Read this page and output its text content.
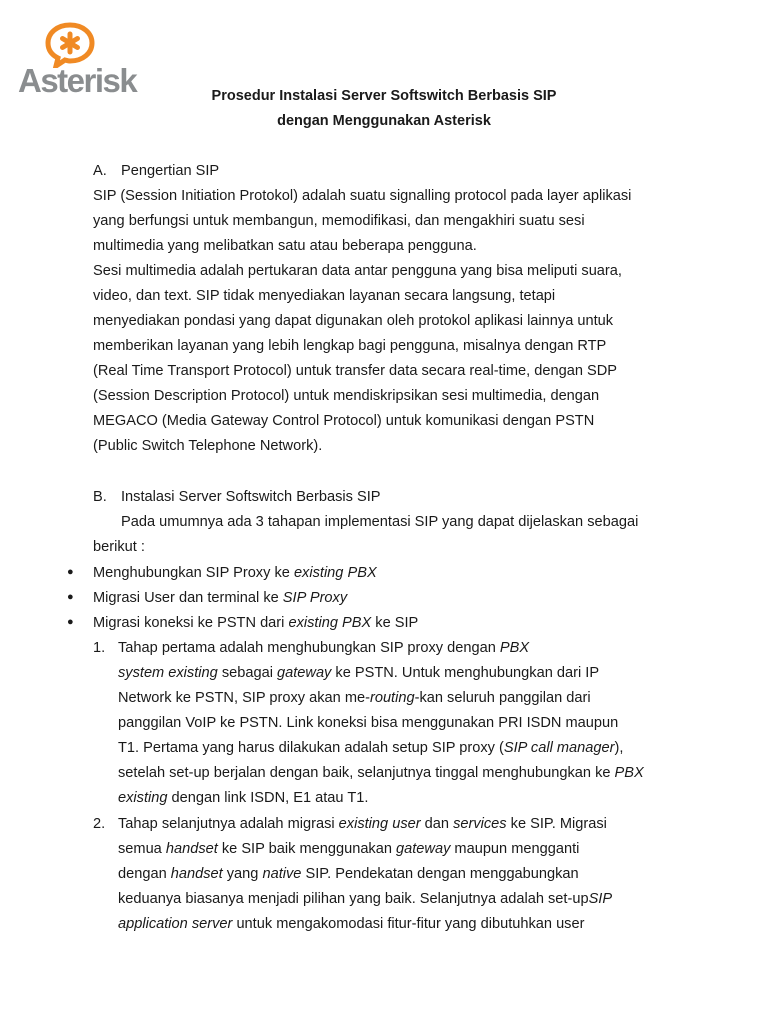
Asterisk	Prosedur Instalasi Server Softswitch Berbasis SIP
dengan Menggunakan Asterisk
A. Pengertian SIP
SIP (Session Initiation Protokol) adalah suatu signalling protocol pada layer aplikasi
yang berfungsi untuk membangun, memodifikasi, dan mengakhiri suatu sesi
multimedia yang melibatkan satu atau beberapa pengguna.
Sesi multimedia adalah pertukaran data antar pengguna yang bisa meliputi suara,
video, dan text. SIP tidak menyediakan layanan secara langsung, tetapi
menyediakan pondasi yang dapat digunakan oleh protokol aplikasi lainnya untuk
memberikan layanan yang lebih lengkap bagi pengguna, misalnya dengan RTP
(Real Time Transport Protocol) untuk transfer data secara real-time, dengan SDP
(Session Description Protocol) untuk mendiskripsikan sesi multimedia, dengan
MEGACO (Media Gateway Control Protocol) untuk komunikasi dengan PSTN
(Public Switch Telephone Network).
B. Instalasi Server Softswitch Berbasis SIP
Pada umumnya ada 3 tahapan implementasi SIP yang dapat dijelaskan sebagai
berikut :
● Menghubungkan SIP Proxy ke existing PBX
● Migrasi User dan terminal ke SIP Proxy
● Migrasi koneksi ke PSTN dari existing PBX ke SIP
1. Tahap pertama adalah menghubungkan SIP proxy dengan PBX
system existing sebagai gateway ke PSTN. Untuk menghubungkan dari IP
Network ke PSTN, SIP proxy akan me-routing-kan seluruh panggilan dari
panggilan VoIP ke PSTN. Link koneksi bisa menggunakan PRI ISDN maupun
T1. Pertama yang harus dilakukan adalah setup SIP proxy (SIP call manager),
setelah set-up berjalan dengan baik, selanjutnya tinggal menghubungkan ke PBX
existing dengan link ISDN, E1 atau T1.
2. Tahap selanjutnya adalah migrasi existing user dan services ke SIP. Migrasi
semua handset ke SIP baik menggunakan gateway maupun mengganti
dengan handset yang native SIP. Pendekatan dengan menggabungkan
keduanya biasanya menjadi pilihan yang baik. Selanjutnya adalah set-upSIP
application server untuk mengakomodasi fitur-fitur yang dibutuhkan user
